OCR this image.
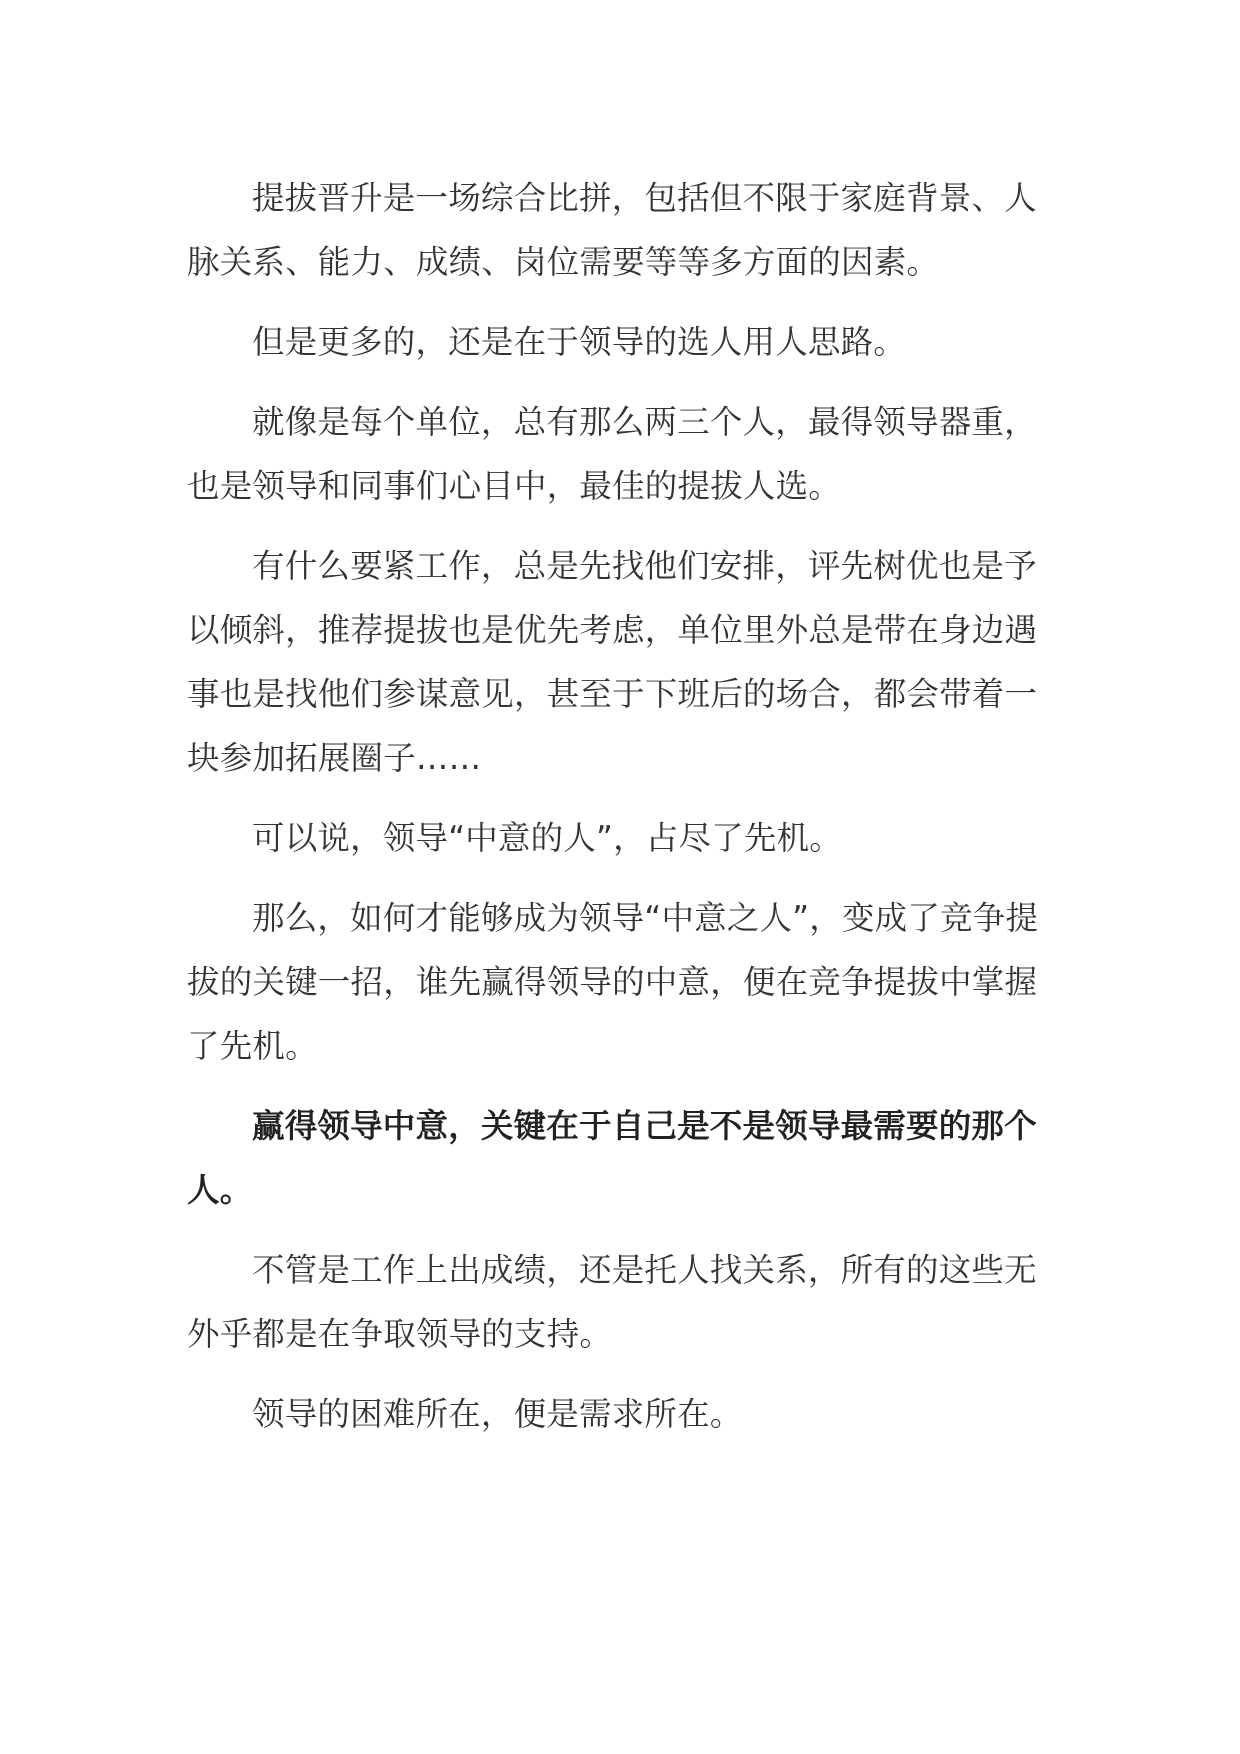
提拔晋升是一场综合比拼，包括但不限于家庭背景、人脉关系、能力、成绩、岗位需要等等多方面的因素。

但是更多的，还是在于领导的选人用人思路。

就像是每个单位，总有那么两三个人，最得领导器重，也是领导和同事们心目中，最佳的提拔人选。

有什么要紧工作，总是先找他们安排，评先树优也是予以倾斜，推荐提拔也是优先考虑，单位里外总是带在身边遇事也是找他们参谋意见，甚至于下班后的场合，都会带着一块参加拓展圈子……

可以说，领导“中意的人”，占尽了先机。

那么，如何才能够成为领导“中意之人”，变成了竞争提拔的关键一招，谁先赢得领导的中意，便在竞争提拔中掌握了先机。

赢得领导中意，关键在于自己是不是领导最需要的那个人。

不管是工作上出成绩，还是托人找关系，所有的这些无外乎都是在争取领导的支持。

领导的困难所在，便是需求所在。
